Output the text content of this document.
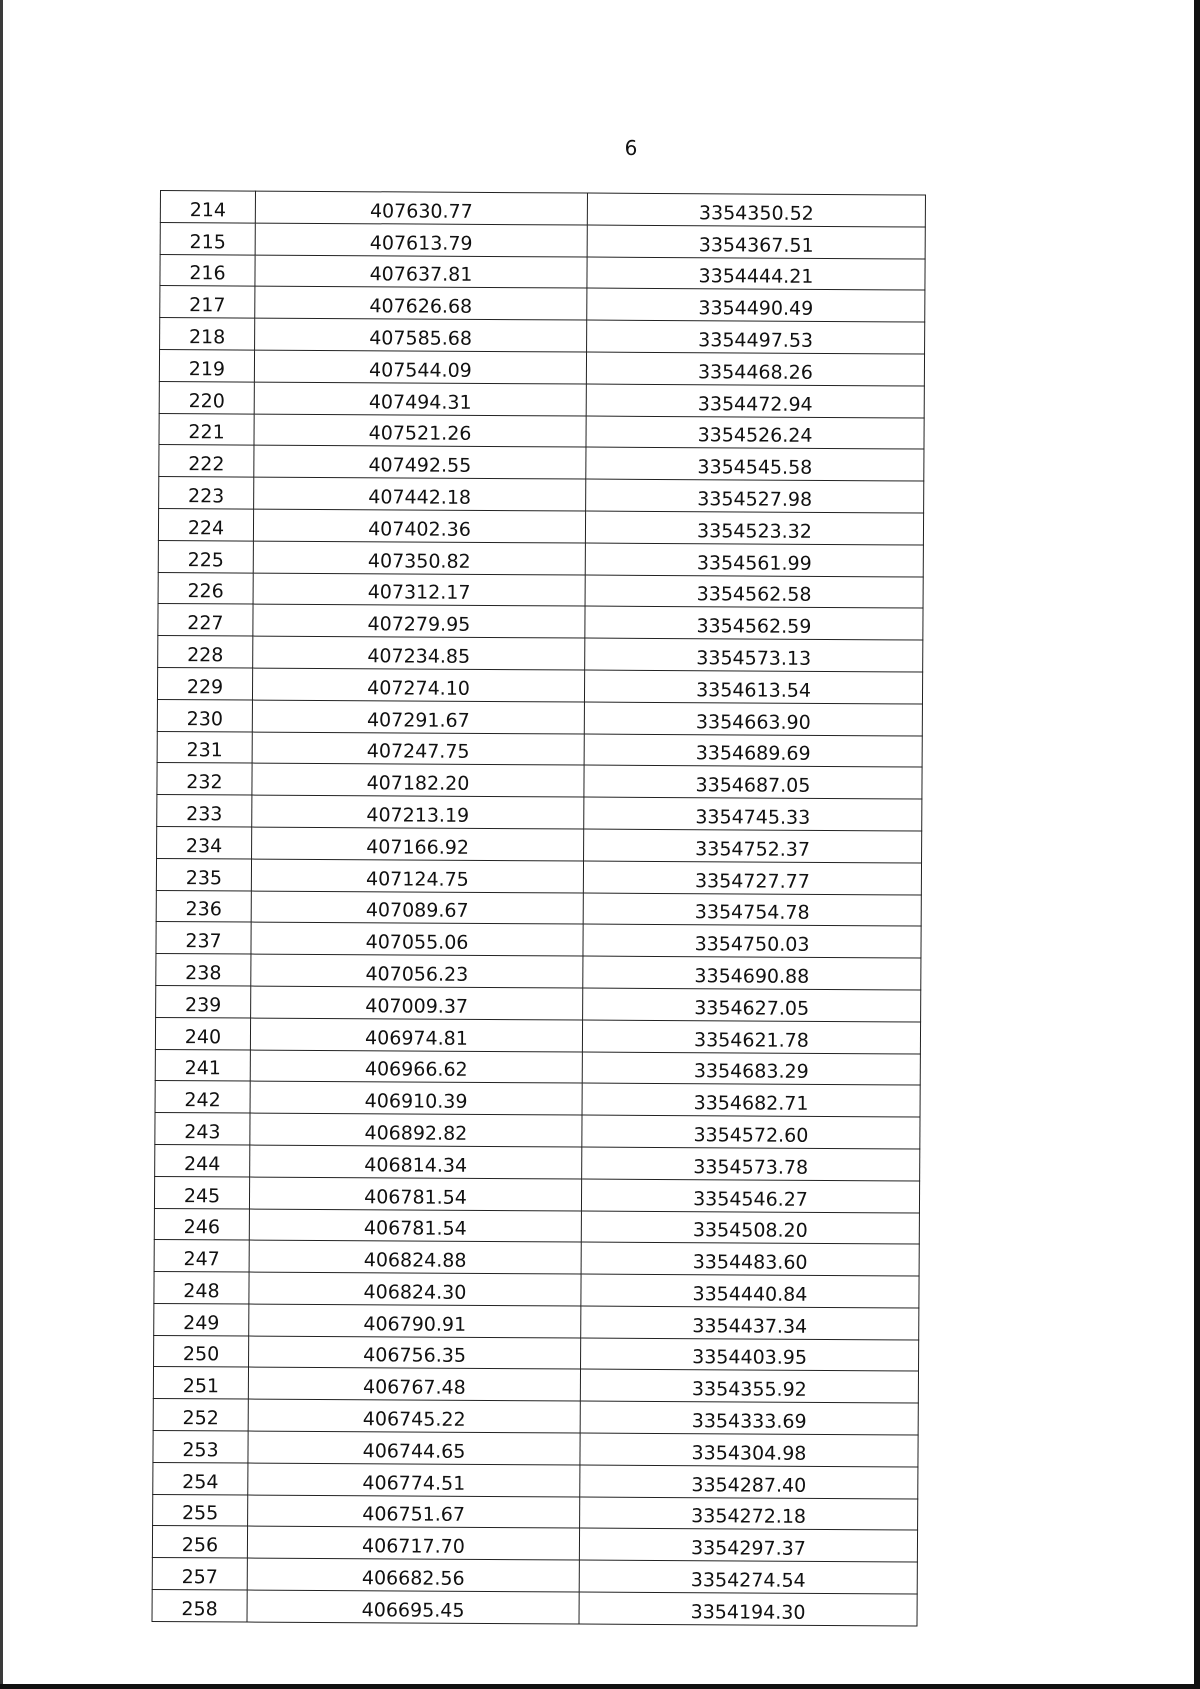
6
214	407630.77	3354350.52
215	407613.79	3354367.51
216	407637.81	3354444.21
217	407626.68	3354490.49
218	407585.68	3354497.53
219	407544.09	3354468.26
220	407494.31	3354472.94
221	407521.26	3354526.24
222	407492.55	3354545.58
223	407442.18	3354527.98
224	407402.36	3354523.32
225	407350.82	3354561.99
226	407312.17	3354562.58
227	407279.95	3354562.59
228	407234.85	3354573.13
229	407274.10	3354613.54
230	407291.67	3354663.90
231	407247.75	3354689.69
232	407182.20	3354687.05
233	407213.19	3354745.33
234	407166.92	3354752.37
235	407124.75	3354727.77
236	407089.67	3354754.78
237	407055.06	3354750.03
238	407056.23	3354690.88
239	407009.37	3354627.05
240	406974.81	3354621.78
241	406966.62	3354683.29
242	406910.39	3354682.71
243	406892.82	3354572.60
244	406814.34	3354573.78
245	406781.54	3354546.27
246	406781.54	3354508.20
247	406824.88	3354483.60
248	406824.30	3354440.84
249	406790.91	3354437.34
250	406756.35	3354403.95
251	406767.48	3354355.92
252	406745.22	3354333.69
253	406744.65	3354304.98
254	406774.51	3354287.40
255	406751.67	3354272.18
256	406717.70	3354297.37
257	406682.56	3354274.54
258	406695.45	3354194.30
